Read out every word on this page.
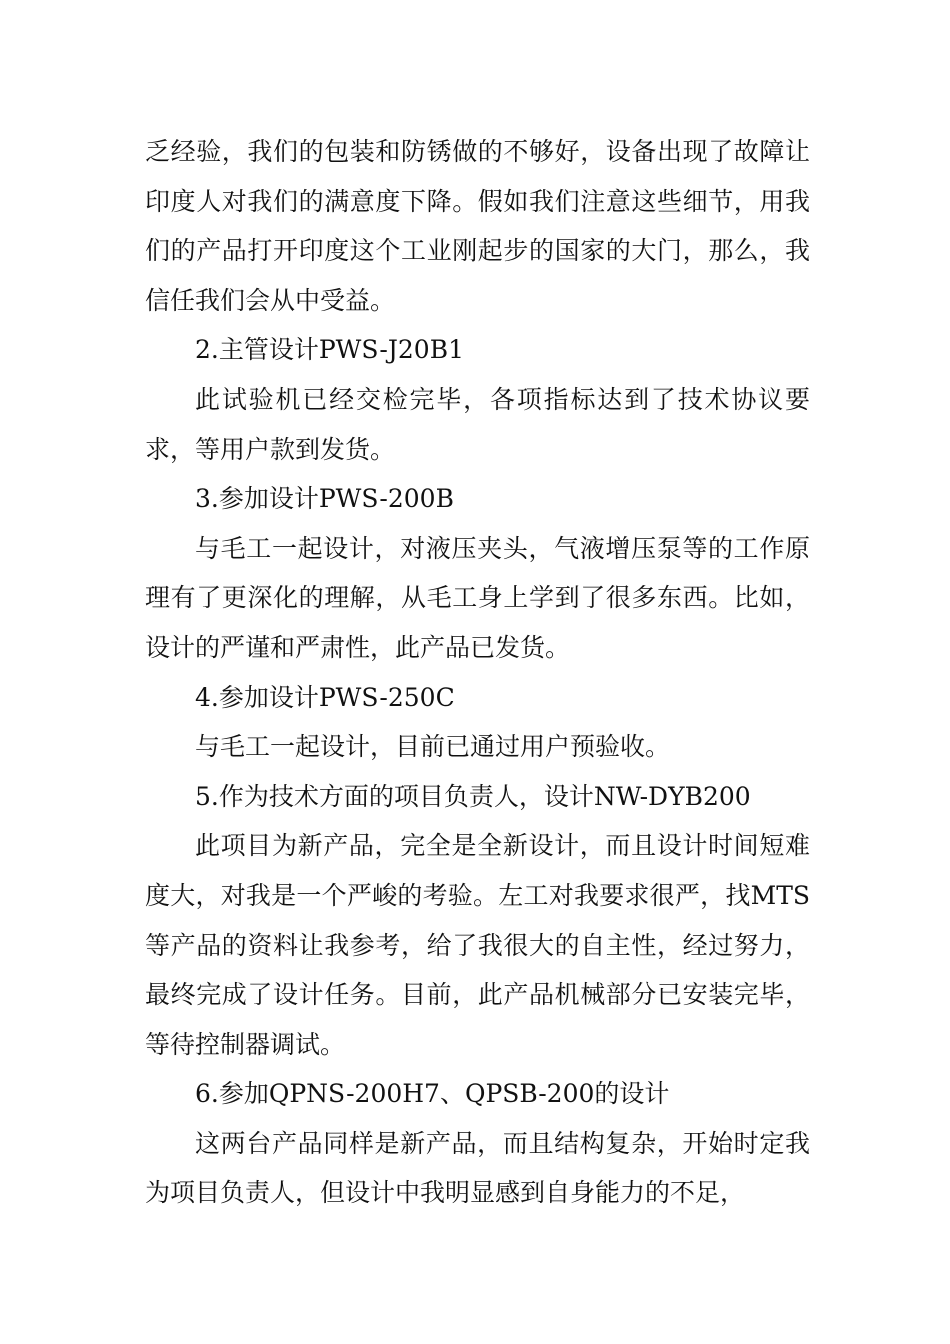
乏经验，我们的包装和防锈做的不够好，设备出现了故障让印度人对我们的满意度下降。假如我们注意这些细节，用我们的产品打开印度这个工业刚起步的国家的大门，那么，我信任我们会从中受益。

2.主管设计PWS-J20B1

此试验机已经交检完毕，各项指标达到了技术协议要求，等用户款到发货。

3.参加设计PWS-200B

与毛工一起设计，对液压夹头，气液增压泵等的工作原理有了更深化的理解，从毛工身上学到了很多东西。比如，设计的严谨和严肃性，此产品已发货。

4.参加设计PWS-250C

与毛工一起设计，目前已通过用户预验收。

5.作为技术方面的项目负责人，设计NW-DYB200

此项目为新产品，完全是全新设计，而且设计时间短难度大，对我是一个严峻的考验。左工对我要求很严，找MTS等产品的资料让我参考，给了我很大的自主性，经过努力，最终完成了设计任务。目前，此产品机械部分已安装完毕，等待控制器调试。

6.参加QPNS-200H7、QPSB-200的设计

这两台产品同样是新产品，而且结构复杂，开始时定我为项目负责人，但设计中我明显感到自身能力的不足，
